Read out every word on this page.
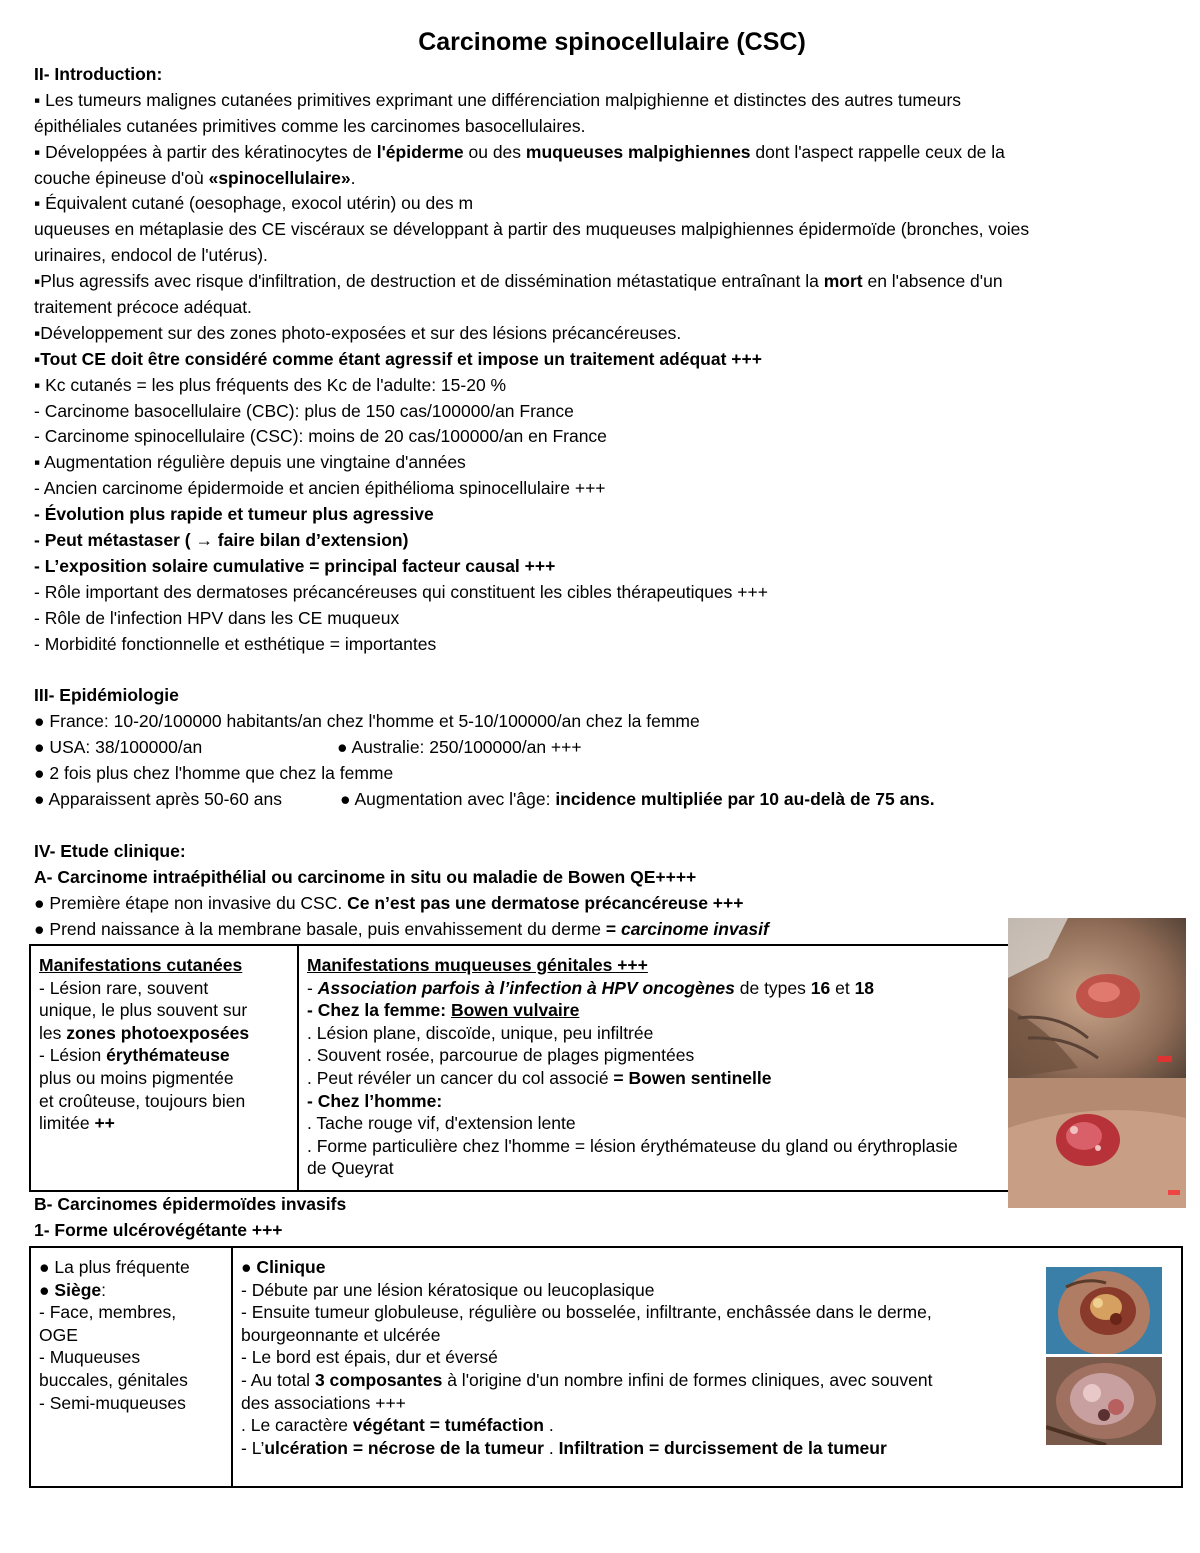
Carcinome spinocellulaire (CSC)
II- Introduction:
▪ Les tumeurs malignes cutanées primitives exprimant une différenciation malpighienne et distinctes des autres tumeurs
épithéliales cutanées primitives comme les carcinomes basocellulaires.
▪ Développées à partir des kératinocytes de l'épiderme ou des muqueuses malpighiennes dont l'aspect rappelle ceux de la
couche épineuse d'où «spinocellulaire».
▪ Équivalent cutané (oesophage, exocol utérin) ou des m
uqueuses en métaplasie des CE viscéraux se développant à partir des muqueuses malpighiennes épidermoïde (bronches, voies
urinaires, endocol de l'utérus).
▪Plus agressifs avec risque d'infiltration, de destruction et de dissémination métastatique entraînant la mort en l'absence d'un
traitement précoce adéquat.
▪Développement sur des zones photo-exposées et sur des lésions précancéreuses.
▪Tout CE doit être considéré comme étant agressif et impose un traitement adéquat +++
▪ Kc cutanés = les plus fréquents des Kc de l'adulte: 15-20 %
- Carcinome basocellulaire (CBC): plus de 150 cas/100000/an France
- Carcinome spinocellulaire (CSC): moins de 20 cas/100000/an en France
▪ Augmentation régulière depuis une vingtaine d'années
- Ancien carcinome épidermoide et ancien épithélioma spinocellulaire +++
- Évolution plus rapide et tumeur plus agressive
- Peut métastaser ( → faire bilan d’extension)
- L’exposition solaire cumulative = principal facteur causal +++
- Rôle important des dermatoses précancéreuses qui constituent les cibles thérapeutiques +++
- Rôle de l'infection HPV dans les CE muqueux
- Morbidité fonctionnelle et esthétique = importantes
III- Epidémiologie
● France: 10-20/100000 habitants/an chez l'homme et 5-10/100000/an chez la femme
● USA: 38/100000/an	● Australie: 250/100000/an +++
● 2 fois plus chez l'homme que chez la femme
● Apparaissent après 50-60 ans	● Augmentation avec l'âge: incidence multipliée par 10 au-delà de 75 ans.
IV- Etude clinique:
A- Carcinome intraépithélial ou carcinome in situ ou maladie de Bowen QE++++
● Première étape non invasive du CSC. Ce n’est pas une dermatose précancéreuse +++
● Prend naissance à la membrane basale, puis envahissement du derme = carcinome invasif
Manifestations cutanées
- Lésion rare, souvent
unique, le plus souvent sur
les zones photoexposées
- Lésion érythémateuse
plus ou moins pigmentée
et croûteuse, toujours bien
limitée ++

Manifestations muqueuses génitales +++
- Association parfois à l’infection à HPV oncogènes de types 16 et 18
- Chez la femme: Bowen vulvaire
. Lésion plane, discoïde, unique, peu infiltrée
. Souvent rosée, parcourue de plages pigmentées
. Peut révéler un cancer du col associé = Bowen sentinelle
- Chez l’homme:
. Tache rouge vif, d'extension lente
. Forme particulière chez l'homme = lésion érythémateuse du gland ou érythroplasie
de Queyrat
B- Carcinomes épidermoïdes invasifs
1- Forme ulcérovégétante +++
● La plus fréquente
● Siège:
- Face, membres,
OGE
- Muqueuses
buccales, génitales
- Semi-muqueuses

● Clinique
- Débute par une lésion kératosique ou leucoplasique
- Ensuite tumeur globuleuse, régulière ou bosselée, infiltrante, enchâssée dans le derme,
bourgeonnante et ulcérée
- Le bord est épais, dur et éversé
- Au total 3 composantes à l'origine d'un nombre infini de formes cliniques, avec souvent
des associations +++
. Le caractère végétant = tuméfaction .
- L’ulcération = nécrose de la tumeur . Infiltration = durcissement de la tumeur
